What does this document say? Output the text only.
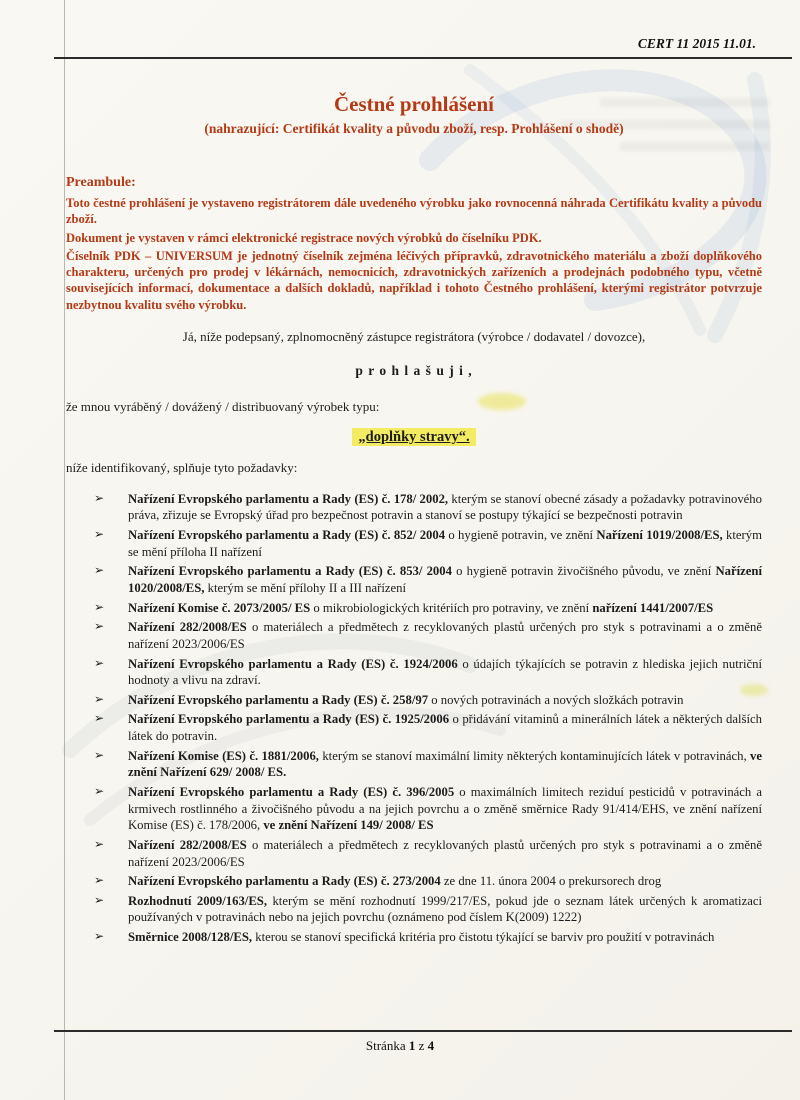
CERT 11 2015 11.01.
Čestné prohlášení
(nahrazující: Certifikát kvality a původu zboží, resp. Prohlášení o shodě)
Preambule:

Toto čestné prohlášení je vystaveno registrátorem dále uvedeného výrobku jako rovnocenná náhrada Certifikátu kvality a původu zboží.

Dokument je vystaven v rámci elektronické registrace nových výrobků do číselníku PDK.

Číselník PDK – UNIVERSUM je jednotný číselník zejména léčivých přípravků, zdravotnického materiálu a zboží doplňkového charakteru, určených pro prodej v lékárnách, nemocnicích, zdravotnických zařízeních a prodejnách podobného typu, včetně souvisejících informací, dokumentace a dalších dokladů, například i tohoto Čestného prohlášení, kterými registrátor potvrzuje nezbytnou kvalitu svého výrobku.

Já, níže podepsaný, zplnomocněný zástupce registrátora (výrobce / dodavatel / dovozce),

p r o h l a š u j i ,

že mnou vyráběný / dovážený / distribuovaný výrobek typu:

„doplňky stravy“.

níže identifikovaný, splňuje tyto požadavky:

➢	Nařízení Evropského parlamentu a Rady (ES) č. 178/ 2002, kterým se stanoví obecné zásady a požadavky potravinového práva, zřizuje se Evropský úřad pro bezpečnost potravin a stanoví se postupy týkající se bezpečnosti potravin
➢	Nařízení Evropského parlamentu a Rady (ES) č. 852/ 2004 o hygieně potravin, ve znění Nařízení 1019/2008/ES, kterým se mění příloha II nařízení
➢	Nařízení Evropského parlamentu a Rady (ES) č. 853/ 2004 o hygieně potravin živočišného původu, ve znění Nařízení 1020/2008/ES, kterým se mění přílohy II a III nařízení
➢	Nařízení Komise č. 2073/2005/ ES o mikrobiologických kritériích pro potraviny, ve znění nařízení 1441/2007/ES
➢	Nařízení 282/2008/ES o materiálech a předmětech z recyklovaných plastů určených pro styk s potravinami a o změně nařízení 2023/2006/ES
➢	Nařízení Evropského parlamentu a Rady (ES) č. 1924/2006 o údajích týkajících se potravin z hlediska jejich nutriční hodnoty a vlivu na zdraví.
➢	Nařízení Evropského parlamentu a Rady (ES) č. 258/97 o nových potravinách a nových složkách potravin
➢	Nařízení Evropského parlamentu a Rady (ES) č. 1925/2006 o přidávání vitaminů a minerálních látek a některých dalších látek do potravin.
➢	Nařízení Komise (ES) č. 1881/2006, kterým se stanoví maximální limity některých kontaminujících látek v potravinách, ve znění Nařízení 629/ 2008/ ES.
➢	Nařízení Evropského parlamentu a Rady (ES) č. 396/2005 o maximálních limitech reziduí pesticidů v potravinách a krmivech rostlinného a živočišného původu a na jejich povrchu a o změně směrnice Rady 91/414/EHS, ve znění nařízení Komise (ES) č. 178/2006, ve znění Nařízení 149/ 2008/ ES
➢	Nařízení 282/2008/ES o materiálech a předmětech z recyklovaných plastů určených pro styk s potravinami a o změně nařízení 2023/2006/ES
➢	Nařízení Evropského parlamentu a Rady (ES) č. 273/2004 ze dne 11. února 2004 o prekursorech drog
➢	Rozhodnutí 2009/163/ES, kterým se mění rozhodnutí 1999/217/ES, pokud jde o seznam látek určených k aromatizaci používaných v potravinách nebo na jejich povrchu (oznámeno pod číslem K(2009) 1222)
➢	Směrnice 2008/128/ES, kterou se stanoví specifická kritéria pro čistotu týkající se barviv pro použití v potravinách
Stránka 1 z 4
